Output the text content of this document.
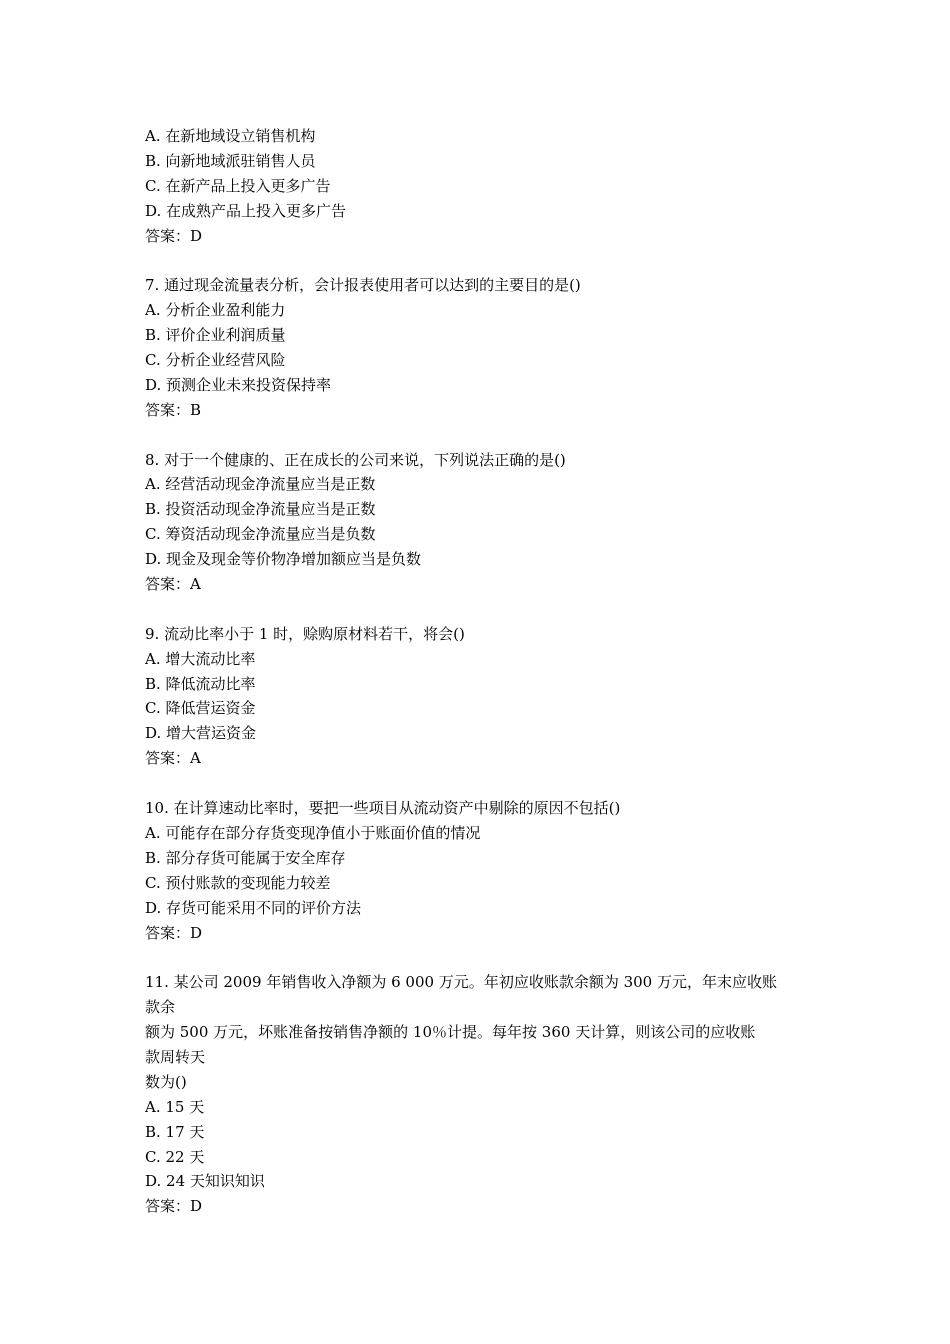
A. 在新地域设立销售机构
B. 向新地域派驻销售人员
C. 在新产品上投入更多广告
D. 在成熟产品上投入更多广告
答案：D
7. 通过现金流量表分析，会计报表使用者可以达到的主要目的是()
A. 分析企业盈利能力
B. 评价企业利润质量
C. 分析企业经营风险
D. 预测企业未来投资保持率
答案：B
8. 对于一个健康的、正在成长的公司来说，下列说法正确的是()
A. 经营活动现金净流量应当是正数
B. 投资活动现金净流量应当是正数
C. 筹资活动现金净流量应当是负数
D. 现金及现金等价物净增加额应当是负数
答案：A
9. 流动比率小于 1 时，赊购原材料若干，将会()
A. 增大流动比率
B. 降低流动比率
C. 降低营运资金
D. 增大营运资金
答案：A
10. 在计算速动比率时，要把一些项目从流动资产中剔除的原因不包括()
A. 可能存在部分存货变现净值小于账面价值的情况
B. 部分存货可能属于安全库存
C. 预付账款的变现能力较差
D. 存货可能采用不同的评价方法
答案：D
11. 某公司 2009 年销售收入净额为 6 000 万元。年初应收账款余额为 300 万元，年末应收账
款余
额为 500 万元，坏账准备按销售净额的 10％计提。每年按 360 天计算，则该公司的应收账
款周转天
数为()
A. 15 天
B. 17 天
C. 22 天
D. 24 天知识知识
答案：D
